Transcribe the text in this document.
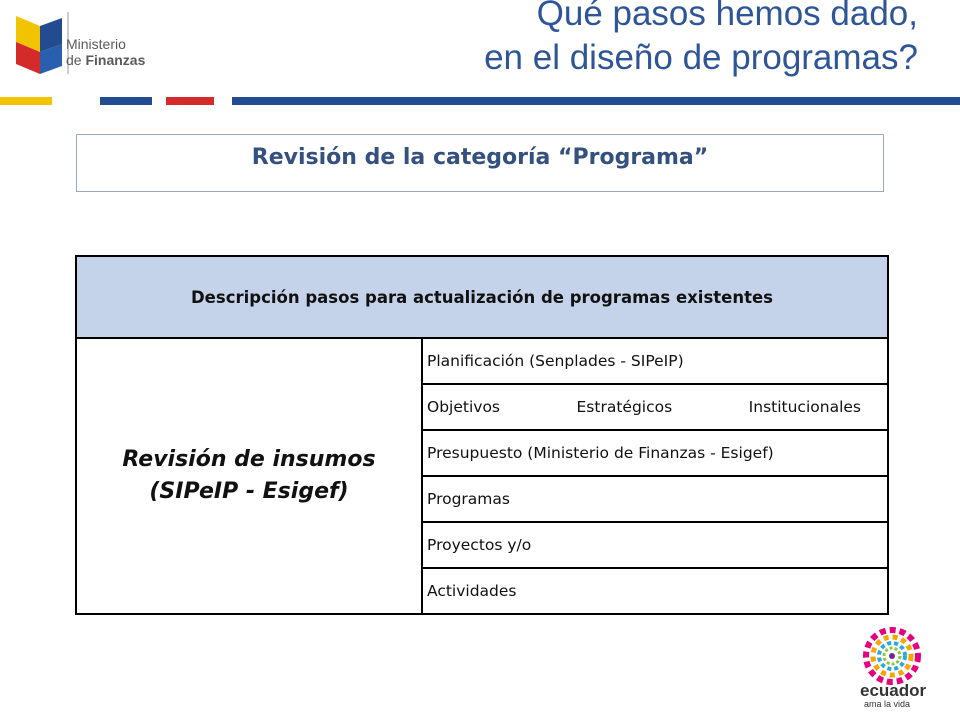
Ministerio
de Finanzas
Qué pasos hemos dado,
en el diseño de programas?
Revisión de la categoría “Programa”
Descripción pasos para actualización de programas existentes

Revisión de insumos
(SIPeIP - Esigef)
	Planificación (Senplades - SIPeIP)
Objetivos Estratégicos Institucionales
Presupuesto (Ministerio de Finanzas - Esigef)
Programas
Proyectos y/o
Actividades
ecuador
ama la vida
